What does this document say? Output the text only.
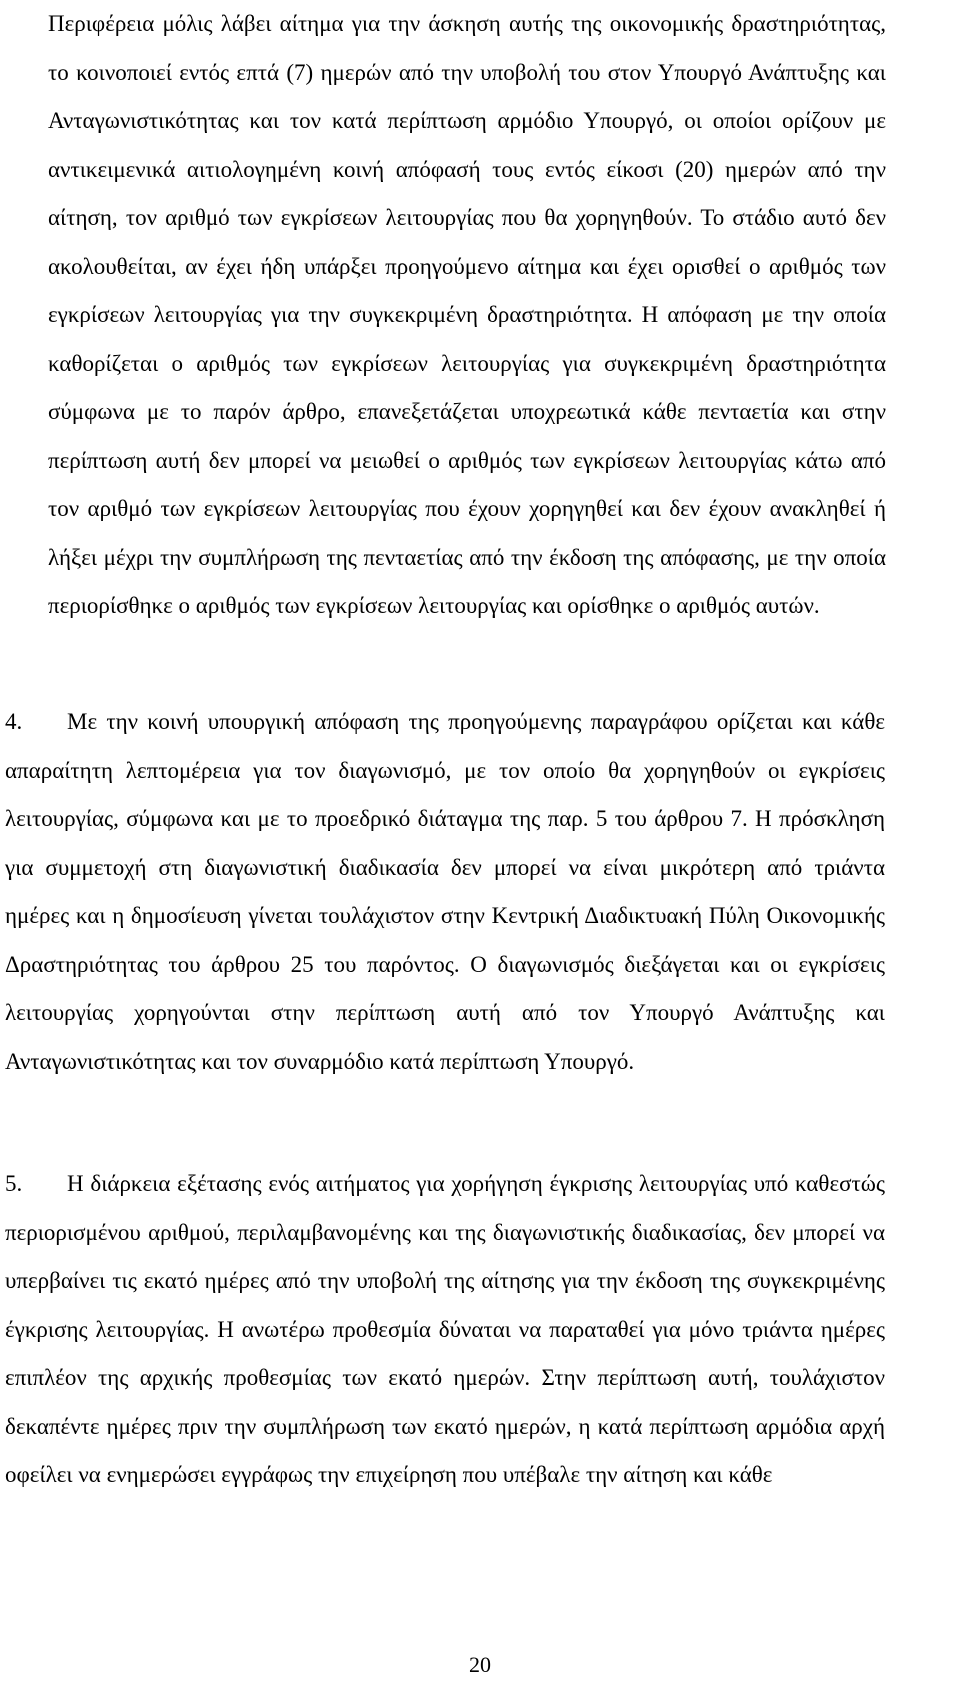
Περιφέρεια μόλις λάβει αίτημα για την άσκηση αυτής της οικονομικής δραστηριότητας, το κοινοποιεί εντός επτά (7) ημερών από την υποβολή του στον Υπουργό Ανάπτυξης και Ανταγωνιστικότητας και τον κατά περίπτωση αρμόδιο Υπουργό, οι οποίοι ορίζουν με αντικειμενικά αιτιολογημένη κοινή απόφασή τους εντός είκοσι (20) ημερών από την αίτηση, τον αριθμό των εγκρίσεων λειτουργίας που θα χορηγηθούν. Το στάδιο αυτό δεν ακολουθείται, αν έχει ήδη υπάρξει προηγούμενο αίτημα και έχει ορισθεί ο αριθμός των εγκρίσεων λειτουργίας για την συγκεκριμένη δραστηριότητα. Η απόφαση με την οποία καθορίζεται ο αριθμός των εγκρίσεων λειτουργίας για συγκεκριμένη δραστηριότητα σύμφωνα με το παρόν άρθρο, επανεξετάζεται υποχρεωτικά κάθε πενταετία και στην περίπτωση αυτή δεν μπορεί να μειωθεί ο αριθμός των εγκρίσεων λειτουργίας κάτω από τον αριθμό των εγκρίσεων λειτουργίας που έχουν χορηγηθεί και δεν έχουν ανακληθεί ή λήξει μέχρι την συμπλήρωση της πενταετίας από την έκδοση της απόφασης, με την οποία περιορίσθηκε ο αριθμός των εγκρίσεων λειτουργίας και ορίσθηκε ο αριθμός αυτών.

4. Με την κοινή υπουργική απόφαση της προηγούμενης παραγράφου ορίζεται και κάθε απαραίτητη λεπτομέρεια για τον διαγωνισμό, με τον οποίο θα χορηγηθούν οι εγκρίσεις λειτουργίας, σύμφωνα και με το προεδρικό διάταγμα της παρ. 5 του άρθρου 7. Η πρόσκληση για συμμετοχή στη διαγωνιστική διαδικασία δεν μπορεί να είναι μικρότερη από τριάντα ημέρες και η δημοσίευση γίνεται τουλάχιστον στην Κεντρική Διαδικτυακή Πύλη Οικονομικής Δραστηριότητας του άρθρου 25 του παρόντος. Ο διαγωνισμός διεξάγεται και οι εγκρίσεις λειτουργίας χορηγούνται στην περίπτωση αυτή από τον Υπουργό Ανάπτυξης και Ανταγωνιστικότητας και τον συναρμόδιο κατά περίπτωση Υπουργό.

5. Η διάρκεια εξέτασης ενός αιτήματος για χορήγηση έγκρισης λειτουργίας υπό καθεστώς περιορισμένου αριθμού, περιλαμβανομένης και της διαγωνιστικής διαδικασίας, δεν μπορεί να υπερβαίνει τις εκατό ημέρες από την υποβολή της αίτησης για την έκδοση της συγκεκριμένης έγκρισης λειτουργίας. Η ανωτέρω προθεσμία δύναται να παραταθεί για μόνο τριάντα ημέρες επιπλέον της αρχικής προθεσμίας των εκατό ημερών. Στην περίπτωση αυτή, τουλάχιστον δεκαπέντε ημέρες πριν την συμπλήρωση των εκατό ημερών, η κατά περίπτωση αρμόδια αρχή οφείλει να ενημερώσει εγγράφως την επιχείρηση που υπέβαλε την αίτηση και κάθε

20
